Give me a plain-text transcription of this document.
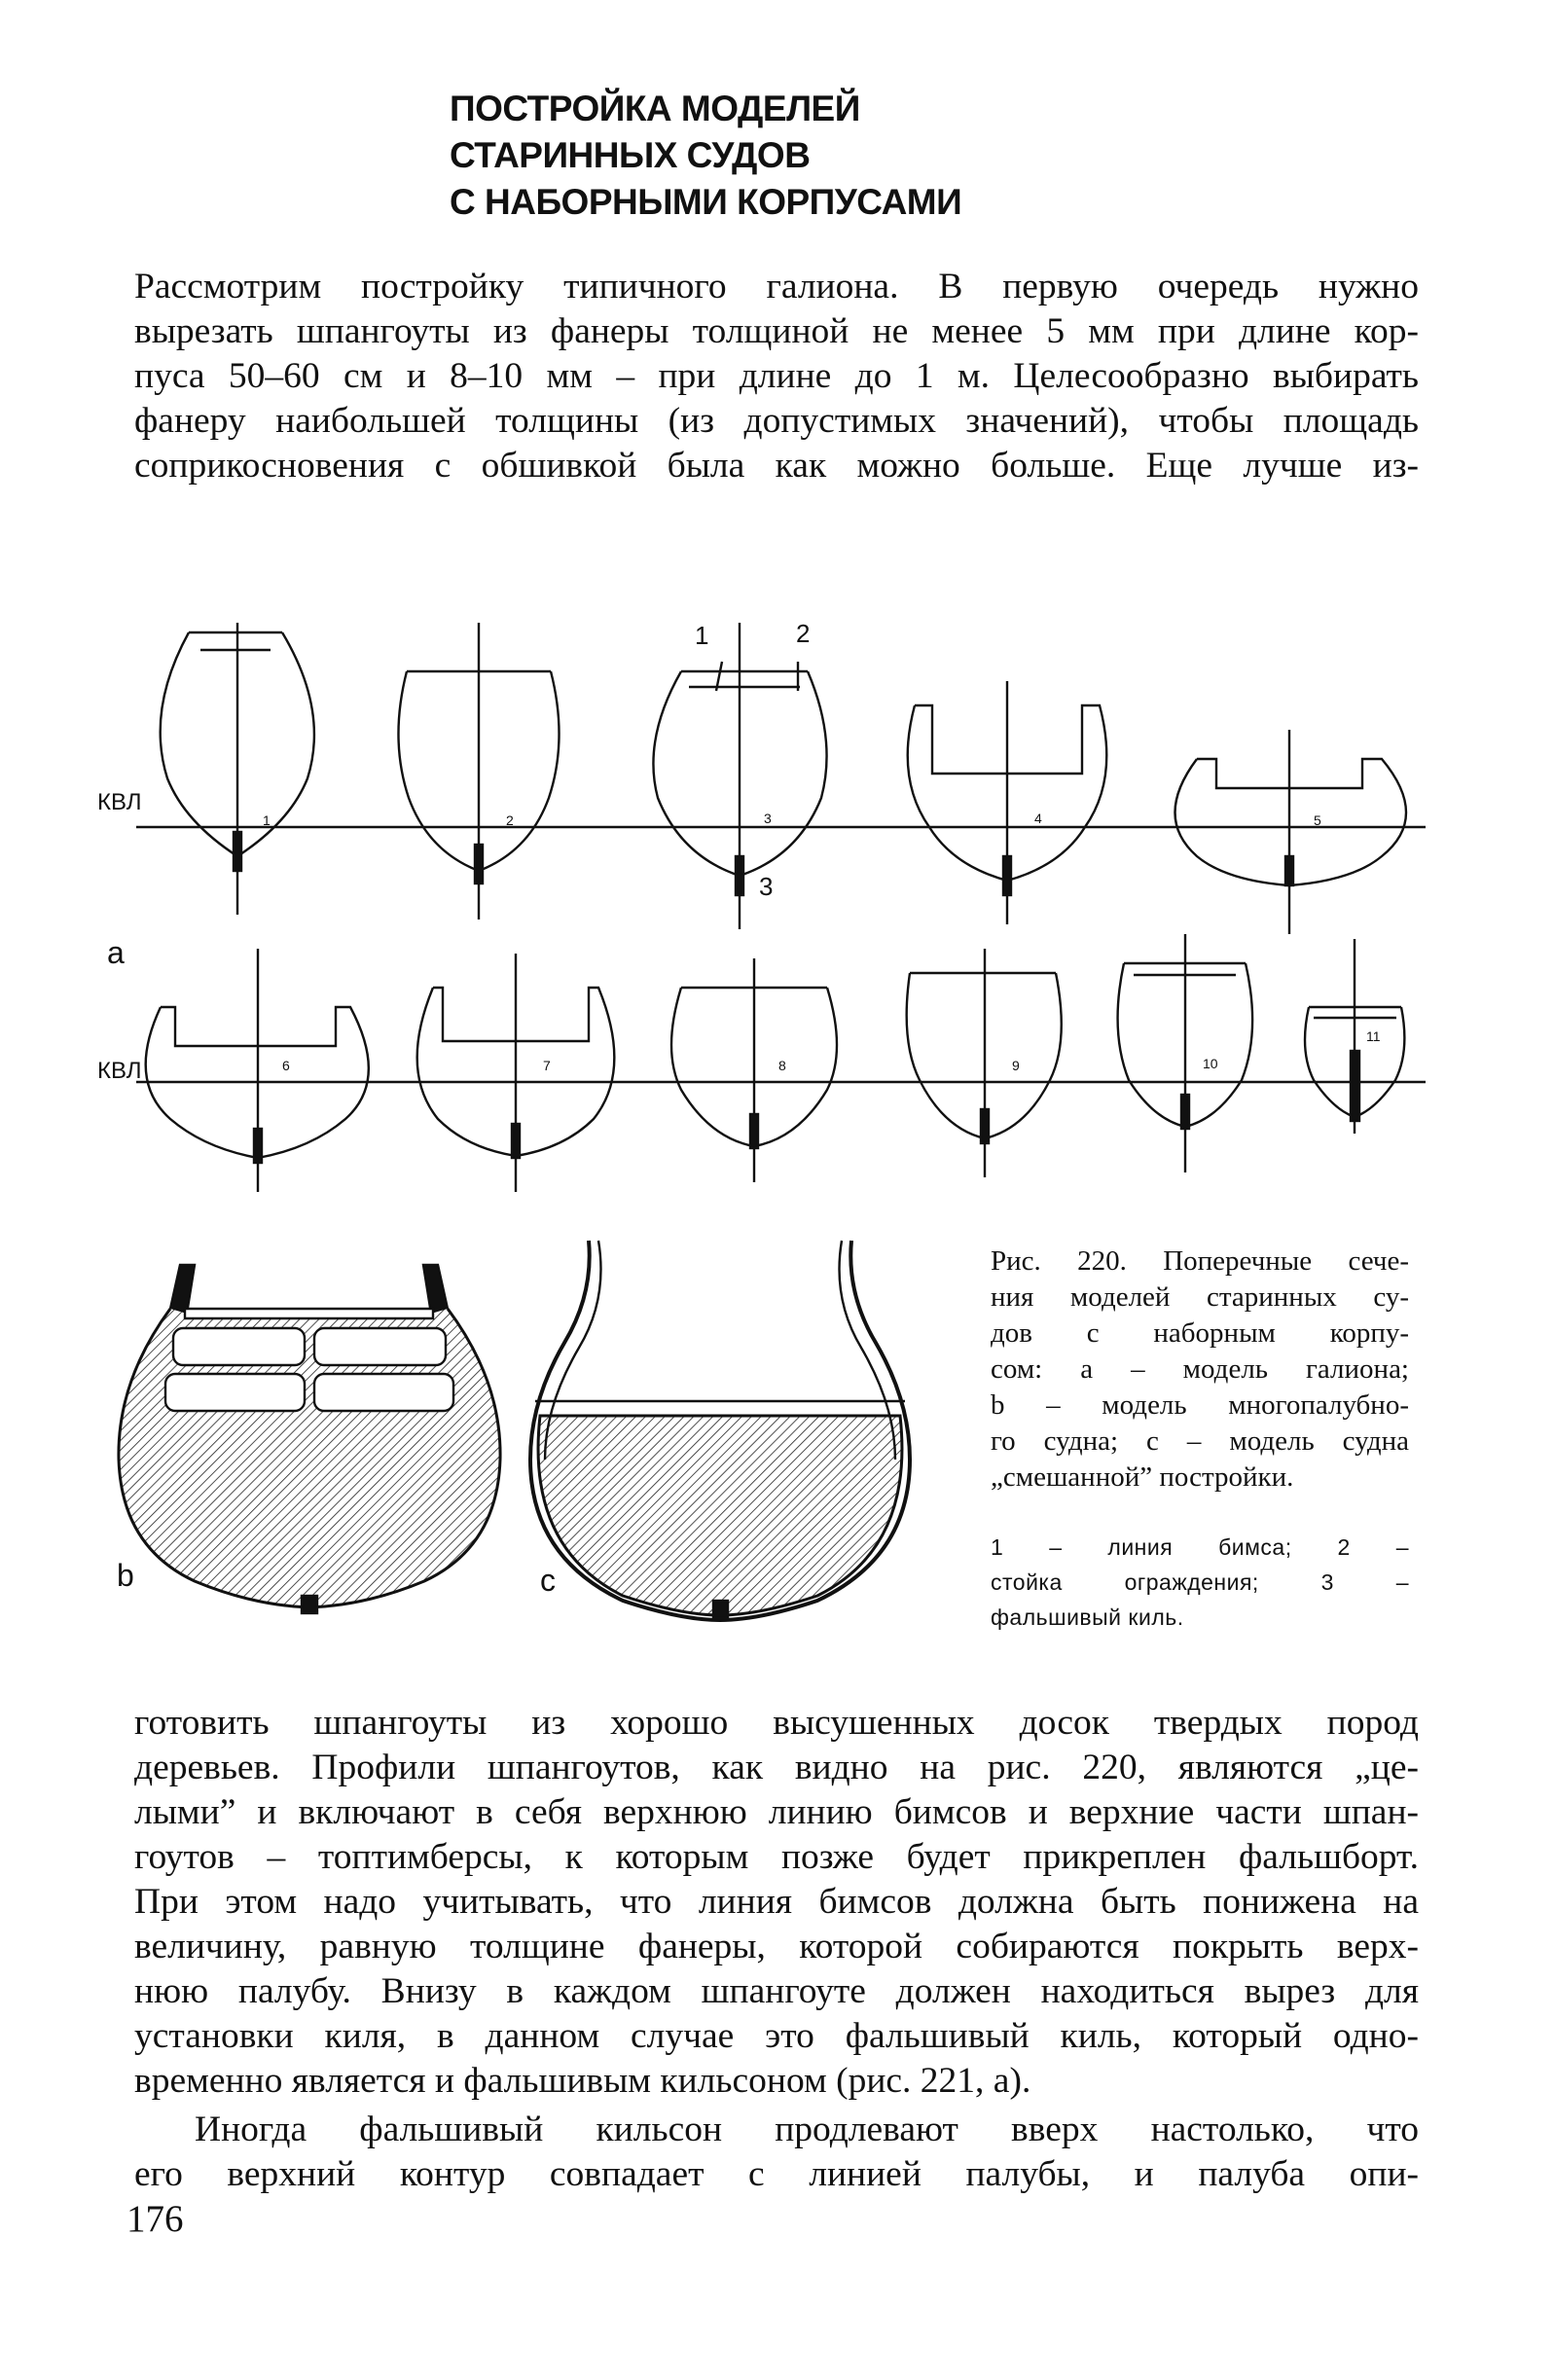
ПОСТРОЙКА МОДЕЛЕЙ
СТАРИННЫХ СУДОВ
С НАБОРНЫМИ КОРПУСАМИ
Рассмотрим постройку типичного галиона. В первую очередь нужно
вырезать шпангоуты из фанеры толщиной не менее 5 мм при длине кор-
пуса 50–60 см и 8–10 мм – при длине до 1 м. Целесообразно выбирать
фанеру наибольшей толщины (из допустимых значений), чтобы площадь
соприкосновения с обшивкой была как можно больше. Еще лучше из-
КВЛ
КВЛ
а
b	c
1	2
3
1	2	3	4	5
6	7	8	9	10
11
Рис. 220. Поперечные сече-
ния моделей старинных су-
дов с наборным корпу-
сом: а – модель галиона;
b – модель многопалубно-
го судна; с – модель судна
„смешанной” постройки.
1 – линия бимса; 2 –
стойка ограждения; 3 –
фальшивый киль.
готовить шпангоуты из хорошо высушенных досок твердых пород
деревьев. Профили шпангоутов, как видно на рис. 220, являются „це-
лыми” и включают в себя верхнюю линию бимсов и верхние части шпан-
гоутов – топтимберсы, к которым позже будет прикреплен фальшборт.
При этом надо учитывать, что линия бимсов должна быть понижена на
величину, равную толщине фанеры, которой собираются покрыть верх-
нюю палубу. Внизу в каждом шпангоуте должен находиться вырез для
установки киля, в данном случае это фальшивый киль, который одно-
временно является и фальшивым кильсоном (рис. 221, а).
Иногда фальшивый кильсон продлевают вверх настолько, что
его верхний контур совпадает с линией палубы, и палуба опи-
176
